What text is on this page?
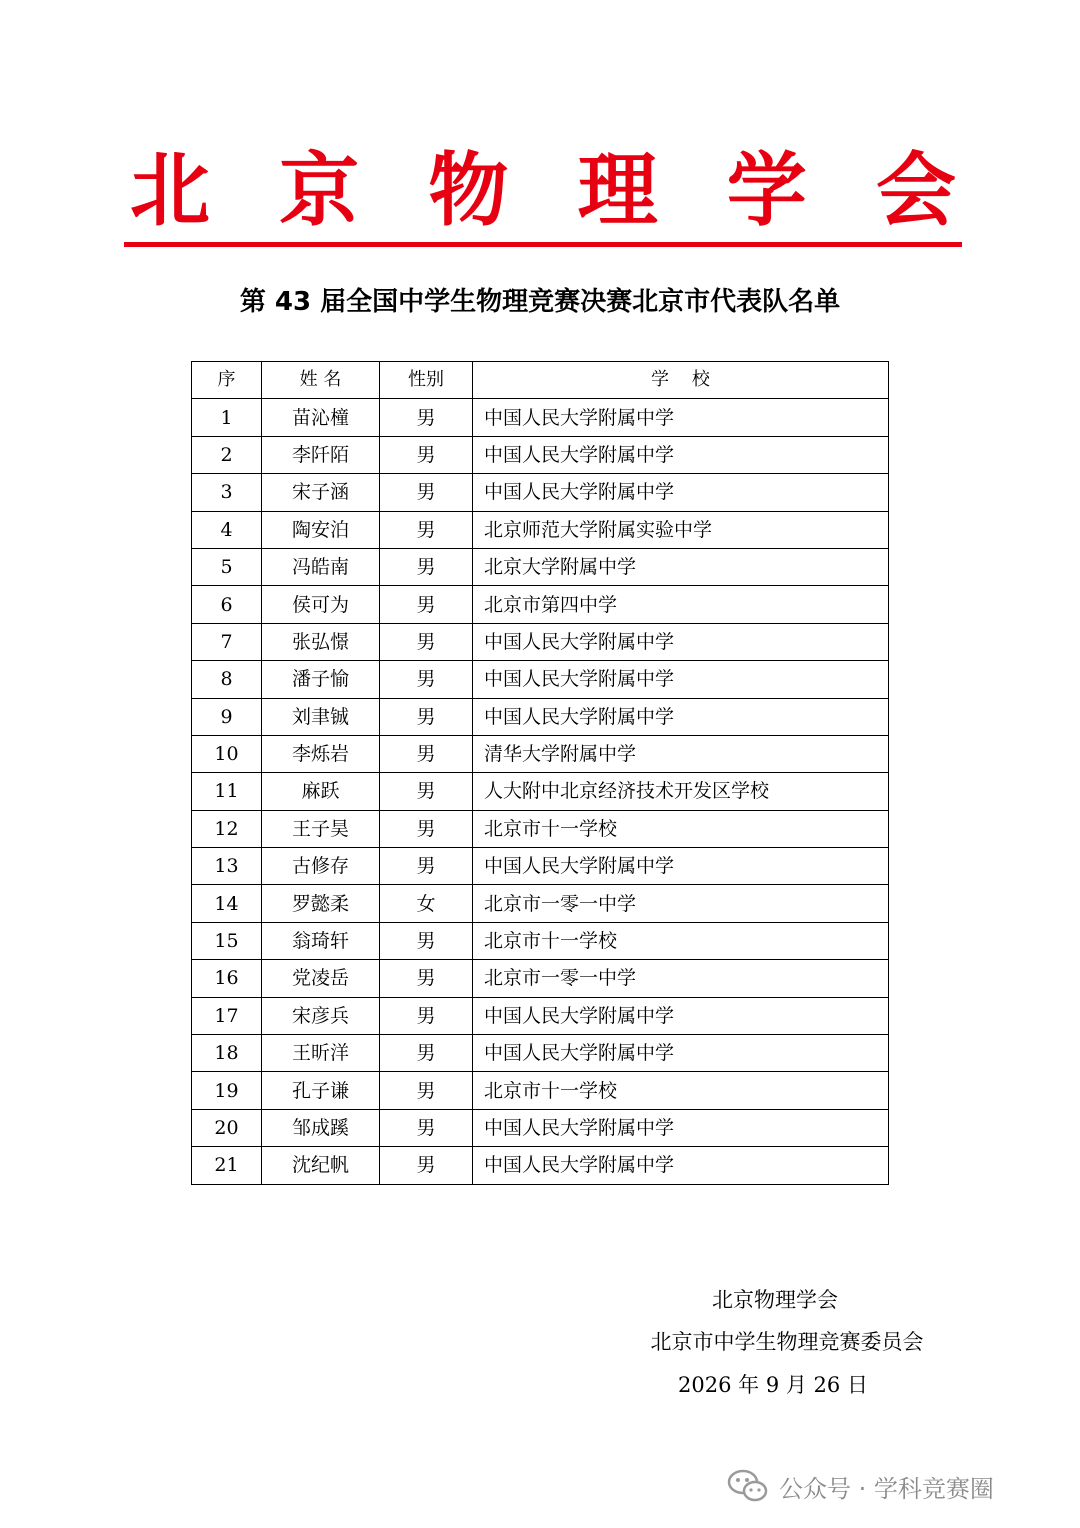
北 京 物 理 学 会
第 43 届全国中学生物理竞赛决赛北京市代表队名单
序	姓 名	性别	学    校
1	苗沁橦	男	中国人民大学附属中学
2	李阡陌	男	中国人民大学附属中学
3	宋子涵	男	中国人民大学附属中学
4	陶安泊	男	北京师范大学附属实验中学
5	冯皓南	男	北京大学附属中学
6	侯可为	男	北京市第四中学
7	张弘憬	男	中国人民大学附属中学
8	潘子愉	男	中国人民大学附属中学
9	刘聿铖	男	中国人民大学附属中学
10	李烁岩	男	清华大学附属中学
11	麻跃	男	人大附中北京经济技术开发区学校
12	王子昊	男	北京市十一学校
13	古修存	男	中国人民大学附属中学
14	罗懿柔	女	北京市一零一中学
15	翁琦轩	男	北京市十一学校
16	党凌岳	男	北京市一零一中学
17	宋彦兵	男	中国人民大学附属中学
18	王昕洋	男	中国人民大学附属中学
19	孔子谦	男	北京市十一学校
20	邹成蹊	男	中国人民大学附属中学
21	沈纪帆	男	中国人民大学附属中学
北京物理学会
北京市中学生物理竞赛委员会
2026 年 9 月 26 日
公众号 · 学科竞赛圈
